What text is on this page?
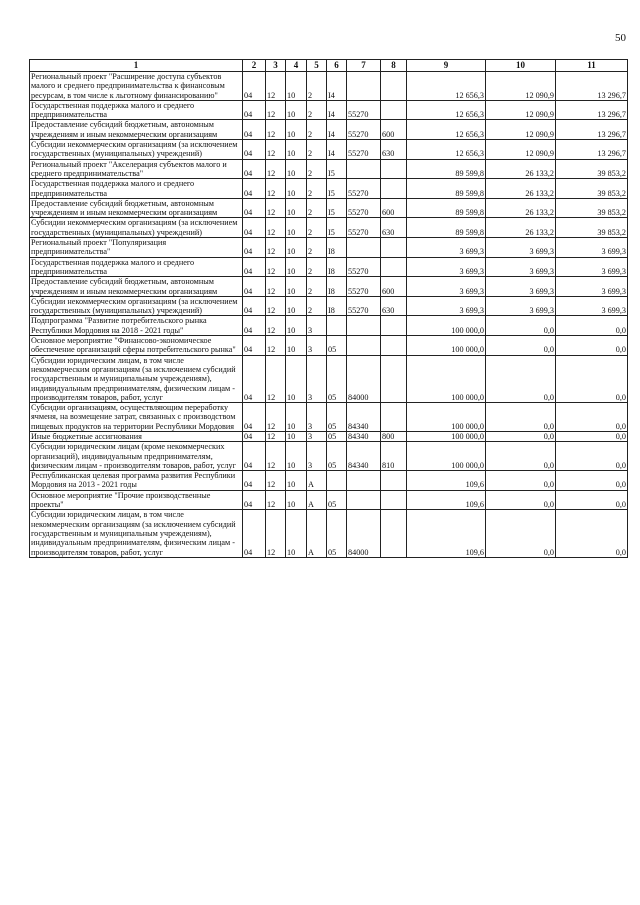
50
1	2	3	4	5	6	7	8	9	10	11
Региональный проект "Расширение доступа субъектов малого и среднего предпринимательства к финансовым ресурсам, в том числе к льготному финансированию"	04	12	10	2	I4			12 656,3	12 090,9	13 296,7
Государственная поддержка малого и среднего предпринимательства	04	12	10	2	I4	55270		12 656,3	12 090,9	13 296,7
Предоставление субсидий бюджетным, автономным учреждениям и иным некоммерческим организациям	04	12	10	2	I4	55270	600	12 656,3	12 090,9	13 296,7
Субсидии некоммерческим организациям (за исключением государственных (муниципальных) учреждений)	04	12	10	2	I4	55270	630	12 656,3	12 090,9	13 296,7
Региональный проект "Акселерация субъектов малого и среднего предпринимательства"	04	12	10	2	I5			89 599,8	26 133,2	39 853,2
Государственная поддержка малого и среднего предпринимательства	04	12	10	2	I5	55270		89 599,8	26 133,2	39 853,2
Предоставление субсидий бюджетным, автономным учреждениям и иным некоммерческим организациям	04	12	10	2	I5	55270	600	89 599,8	26 133,2	39 853,2
Субсидии некоммерческим организациям (за исключением государственных (муниципальных) учреждений)	04	12	10	2	I5	55270	630	89 599,8	26 133,2	39 853,2
Региональный проект "Популяризация предпринимательства"	04	12	10	2	I8			3 699,3	3 699,3	3 699,3
Государственная поддержка малого и среднего предпринимательства	04	12	10	2	I8	55270		3 699,3	3 699,3	3 699,3
Предоставление субсидий бюджетным, автономным учреждениям и иным некоммерческим организациям	04	12	10	2	I8	55270	600	3 699,3	3 699,3	3 699,3
Субсидии некоммерческим организациям (за исключением государственных (муниципальных) учреждений)	04	12	10	2	I8	55270	630	3 699,3	3 699,3	3 699,3
Подпрограмма "Развитие потребительского рынка Республики Мордовия на 2018 - 2021 годы"	04	12	10	3				100 000,0	0,0	0,0
Основное мероприятие "Финансово-экономическое обеспечение организаций сферы потребительского рынка"	04	12	10	3	05			100 000,0	0,0	0,0
Субсидии юридическим лицам, в том числе некоммерческим организациям (за исключением субсидий государственным и муниципальным учреждениям), индивидуальным предпринимателям, физическим лицам - производителям товаров, работ, услуг	04	12	10	3	05	84000		100 000,0	0,0	0,0
Субсидии организациям, осуществляющим переработку ячменя, на возмещение затрат, связанных с производством пищевых продуктов на территории Республики Мордовия	04	12	10	3	05	84340		100 000,0	0,0	0,0
Иные бюджетные ассигнования	04	12	10	3	05	84340	800	100 000,0	0,0	0,0
Субсидии юридическим лицам (кроме некоммерческих организаций), индивидуальным предпринимателям, физическим лицам - производителям товаров, работ, услуг	04	12	10	3	05	84340	810	100 000,0	0,0	0,0
Республиканская целевая программа развития Республики Мордовия на 2013 - 2021 годы	04	12	10	А				109,6	0,0	0,0
Основное мероприятие "Прочие производственные проекты"	04	12	10	А	05			109,6	0,0	0,0
Субсидии юридическим лицам, в том числе некоммерческим организациям (за исключением субсидий государственным и муниципальным учреждениям), индивидуальным предпринимателям, физическим лицам - производителям товаров, работ, услуг	04	12	10	А	05	84000		109,6	0,0	0,0
